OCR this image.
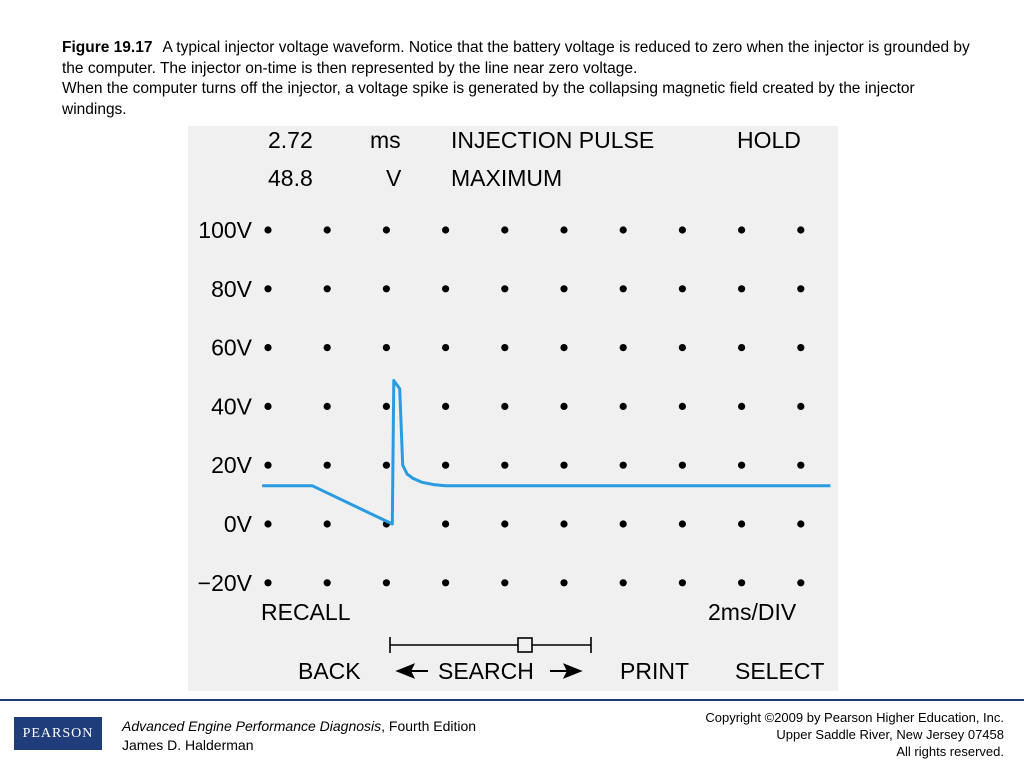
Figure 19.17 A typical injector voltage waveform. Notice that the battery voltage is reduced to zero when the injector is grounded by the computer. The injector on-time is then represented by the line near zero voltage.
When the computer turns off the injector, a voltage spike is generated by the collapsing magnetic field created by the injector windings.
2.72 ms INJECTION PULSE	HOLD
48.8	V MAXIMUM
100V
80V
60V
40V
20V
0V
−20V
RECALL	2ms/DIV
BACK	SEARCH	PRINT SELECT
PEARSON	Advanced Engine Performance Diagnosis, Fourth Edition
James D. Halderman
Copyright ©2009 by Pearson Higher Education, Inc.
Upper Saddle River, New Jersey 07458
All rights reserved.
